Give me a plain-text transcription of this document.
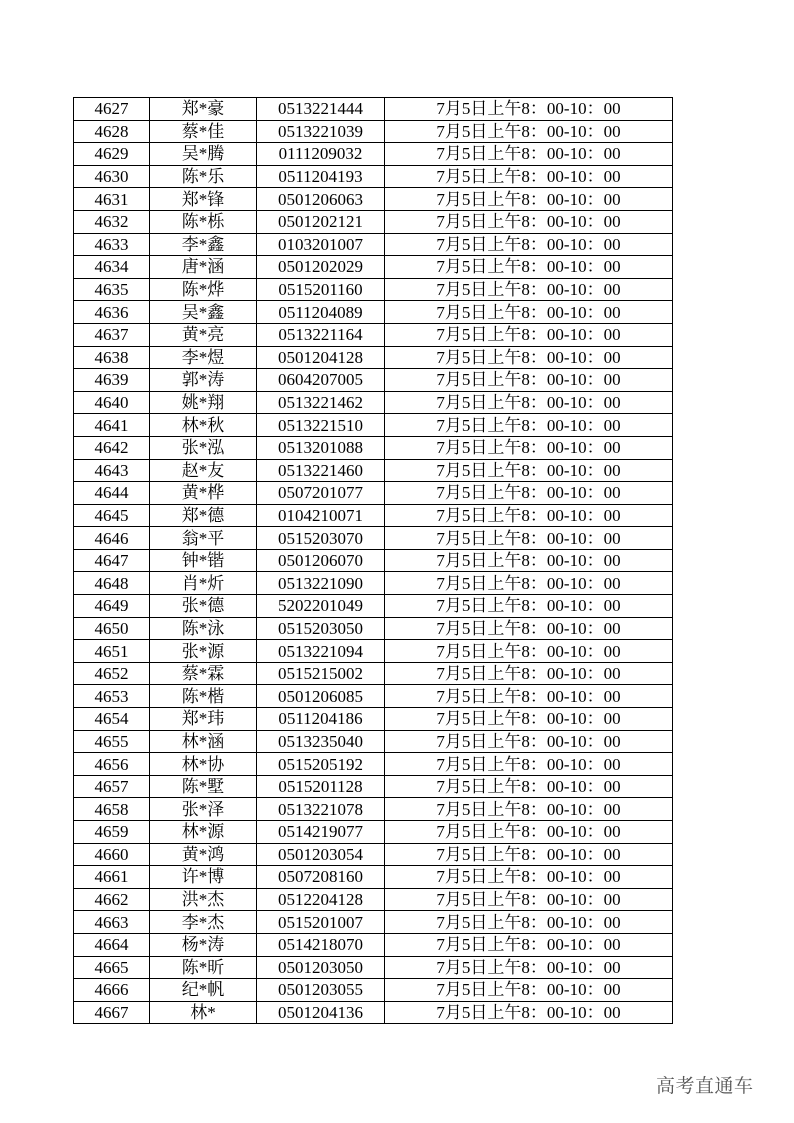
4627	郑*豪	0513221444	7月5日上午8：00-10：00
4628	蔡*佳	0513221039	7月5日上午8：00-10：00
4629	吴*腾	0111209032	7月5日上午8：00-10：00
4630	陈*乐	0511204193	7月5日上午8：00-10：00
4631	郑*锋	0501206063	7月5日上午8：00-10：00
4632	陈*栎	0501202121	7月5日上午8：00-10：00
4633	李*鑫	0103201007	7月5日上午8：00-10：00
4634	唐*涵	0501202029	7月5日上午8：00-10：00
4635	陈*烨	0515201160	7月5日上午8：00-10：00
4636	吴*鑫	0511204089	7月5日上午8：00-10：00
4637	黄*亮	0513221164	7月5日上午8：00-10：00
4638	李*煜	0501204128	7月5日上午8：00-10：00
4639	郭*涛	0604207005	7月5日上午8：00-10：00
4640	姚*翔	0513221462	7月5日上午8：00-10：00
4641	林*秋	0513221510	7月5日上午8：00-10：00
4642	张*泓	0513201088	7月5日上午8：00-10：00
4643	赵*友	0513221460	7月5日上午8：00-10：00
4644	黄*桦	0507201077	7月5日上午8：00-10：00
4645	郑*德	0104210071	7月5日上午8：00-10：00
4646	翁*平	0515203070	7月5日上午8：00-10：00
4647	钟*锴	0501206070	7月5日上午8：00-10：00
4648	肖*炘	0513221090	7月5日上午8：00-10：00
4649	张*德	5202201049	7月5日上午8：00-10：00
4650	陈*泳	0515203050	7月5日上午8：00-10：00
4651	张*源	0513221094	7月5日上午8：00-10：00
4652	蔡*霖	0515215002	7月5日上午8：00-10：00
4653	陈*楷	0501206085	7月5日上午8：00-10：00
4654	郑*玮	0511204186	7月5日上午8：00-10：00
4655	林*涵	0513235040	7月5日上午8：00-10：00
4656	林*协	0515205192	7月5日上午8：00-10：00
4657	陈*墅	0515201128	7月5日上午8：00-10：00
4658	张*泽	0513221078	7月5日上午8：00-10：00
4659	林*源	0514219077	7月5日上午8：00-10：00
4660	黄*鸿	0501203054	7月5日上午8：00-10：00
4661	许*博	0507208160	7月5日上午8：00-10：00
4662	洪*杰	0512204128	7月5日上午8：00-10：00
4663	李*杰	0515201007	7月5日上午8：00-10：00
4664	杨*涛	0514218070	7月5日上午8：00-10：00
4665	陈*昕	0501203050	7月5日上午8：00-10：00
4666	纪*帆	0501203055	7月5日上午8：00-10：00
4667	林*	0501204136	7月5日上午8：00-10：00
高考直通车
